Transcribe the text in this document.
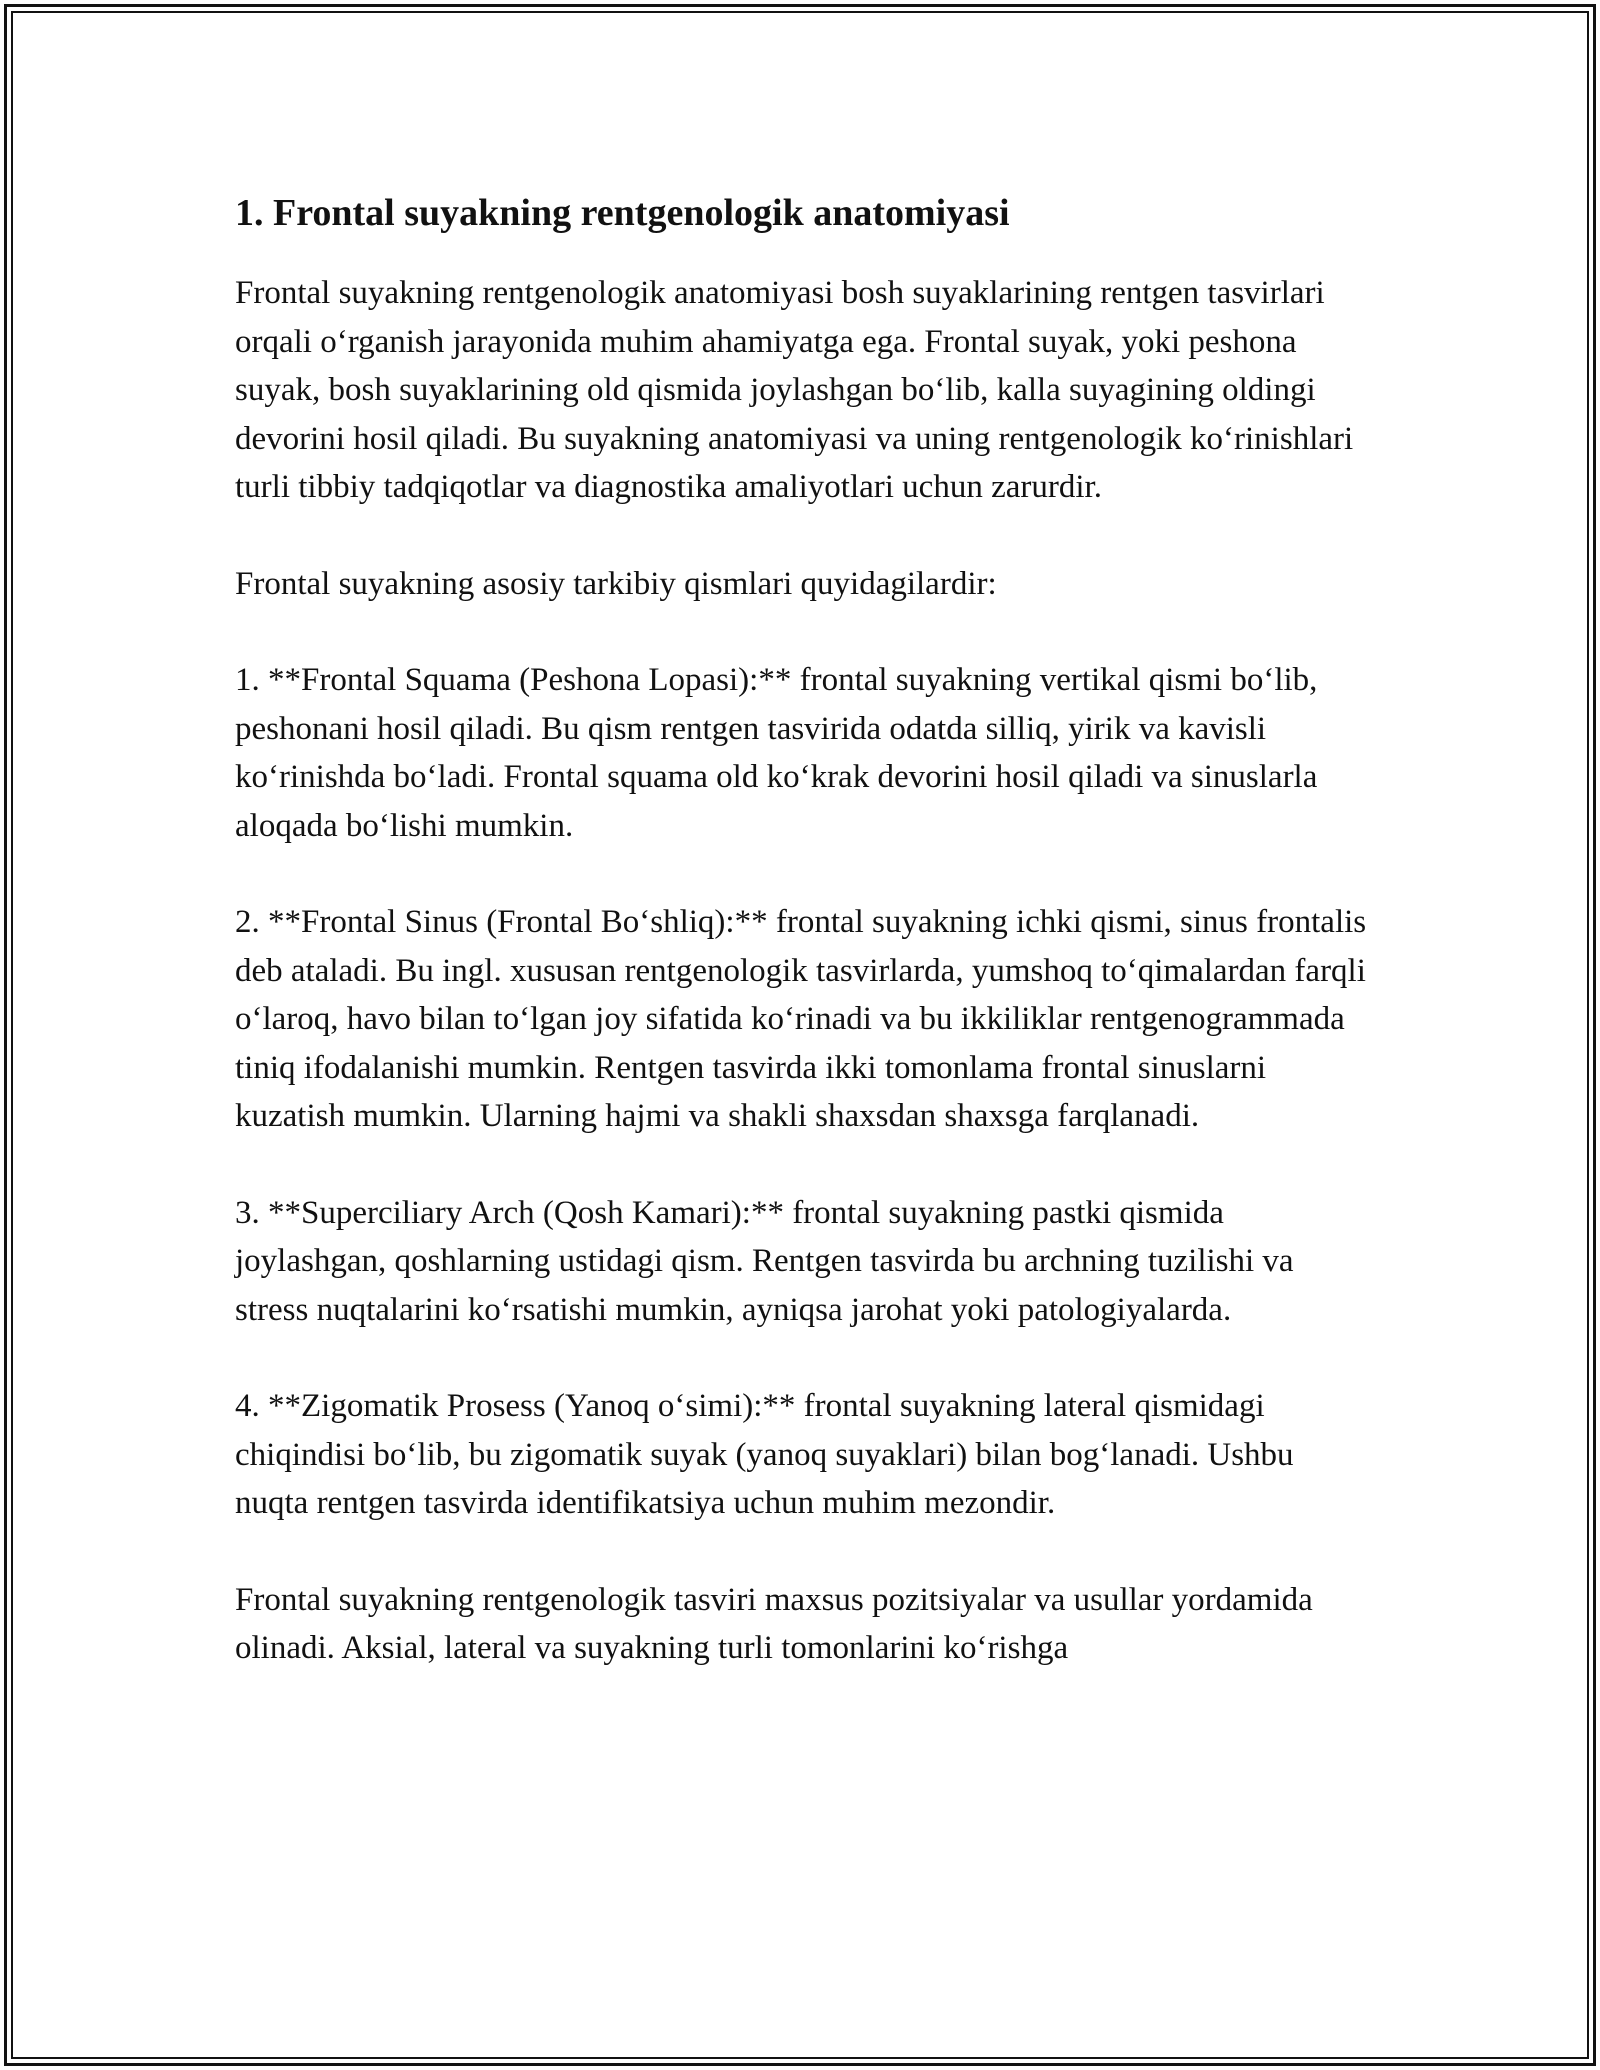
1. Frontal suyakning rentgenologik anatomiyasi

Frontal suyakning rentgenologik anatomiyasi bosh suyaklarining rentgen tasvirlari orqali o‘rganish jarayonida muhim ahamiyatga ega. Frontal suyak, yoki peshona suyak, bosh suyaklarining old qismida joylashgan bo‘lib, kalla suyagining oldingi devorini hosil qiladi. Bu suyakning anatomiyasi va uning rentgenologik ko‘rinishlari turli tibbiy tadqiqotlar va diagnostika amaliyotlari uchun zarurdir.

Frontal suyakning asosiy tarkibiy qismlari quyidagilardir:

1. **Frontal Squama (Peshona Lopasi):** frontal suyakning vertikal qismi bo‘lib, peshonani hosil qiladi. Bu qism rentgen tasvirida odatda silliq, yirik va kavisli ko‘rinishda bo‘ladi. Frontal squama old ko‘krak devorini hosil qiladi va sinuslarla aloqada bo‘lishi mumkin.

2. **Frontal Sinus (Frontal Bo‘shliq):** frontal suyakning ichki qismi, sinus frontalis deb ataladi. Bu ingl. xususan rentgenologik tasvirlarda, yumshoq to‘qimalardan farqli o‘laroq, havo bilan to‘lgan joy sifatida ko‘rinadi va bu ikkiliklar rentgenogrammada tiniq ifodalanishi mumkin. Rentgen tasvirda ikki tomonlama frontal sinuslarni kuzatish mumkin. Ularning hajmi va shakli shaxsdan shaxsga farqlanadi.

3. **Superciliary Arch (Qosh Kamari):** frontal suyakning pastki qismida joylashgan, qoshlarning ustidagi qism. Rentgen tasvirda bu archning tuzilishi va stress nuqtalarini ko‘rsatishi mumkin, ayniqsa jarohat yoki patologiyalarda.

4. **Zigomatik Prosess (Yanoq o‘simi):** frontal suyakning lateral qismidagi chiqindisi bo‘lib, bu zigomatik suyak (yanoq suyaklari) bilan bog‘lanadi. Ushbu nuqta rentgen tasvirda identifikatsiya uchun muhim mezondir.

Frontal suyakning rentgenologik tasviri maxsus pozitsiyalar va usullar yordamida olinadi. Aksial, lateral va suyakning turli tomonlarini ko‘rishga
